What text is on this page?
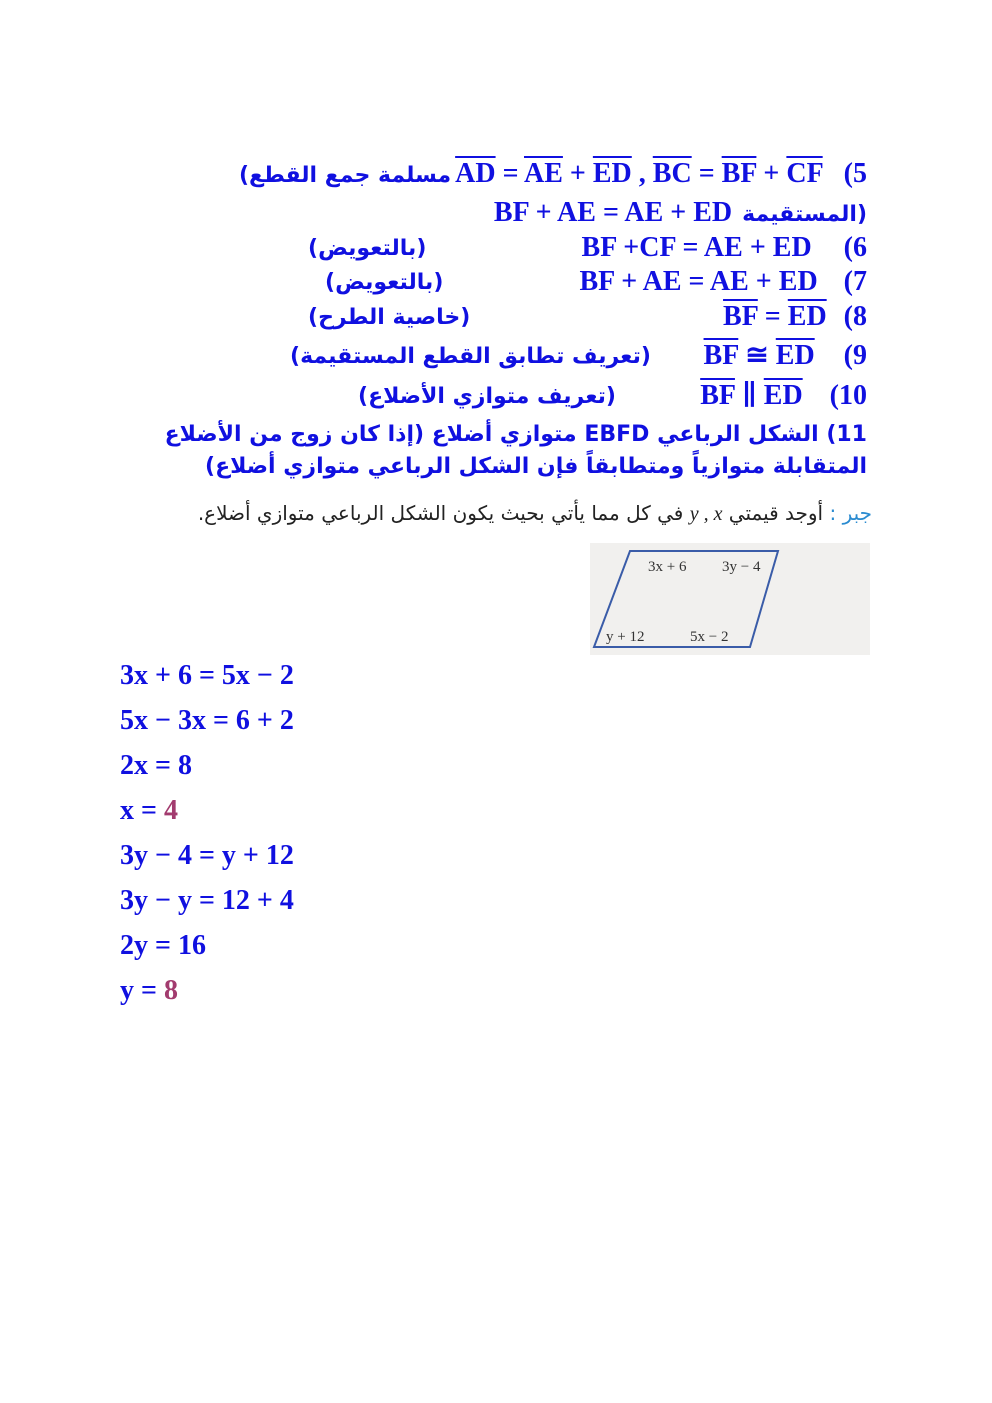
(مسلمة جمع القطع $\overline{AD} = \overline{AE} + \overline{ED}$ , $\overline{BC} = \overline{BF} + \overline{CF}$ (5
BF + AE = AE + ED المستقيمة)
(بالتعويض)	BF +CF = AE + ED (6
(بالتعويض)	BF + AE = AE + ED (7
(خاصية الطرح)	$\overline{BF} = \overline{ED}$ (8
(تعريف تطابق القطع المستقيمة) $\overline{BF}$ ≅ $\overline{ED}$ (9
(تعريف متوازي الأضلاع)	$\overline{BF}$ ∥ $\overline{ED}$ (10
11) الشكل الرباعي EBFD متوازي أضلاع (إذا كان زوج من الأضلاع
المتقابلة متوازياً ومتطابقاً فإن الشكل الرباعي متوازي أضلاع)
جبر : أوجد قيمتي y , x في كل مما يأتي بحيث يكون الشكل الرباعي متوازي أضلاع.
3x + 6 3y − 4
y + 12	5x − 2
3x + 6 = 5x − 2
5x − 3x = 6 + 2
2x = 8
x = 4
3y − 4 = y + 12
3y − y = 12 + 4
2y = 16
y = 8
